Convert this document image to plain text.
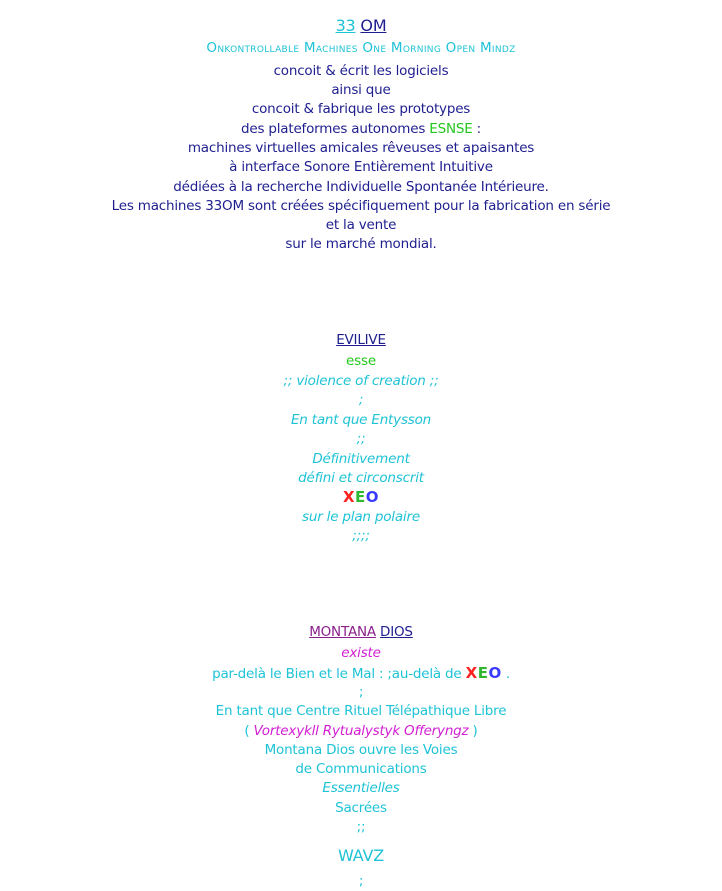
33 OM
Onkontrollable Machines One Morning Open Mindz
concoit & écrit les logiciels
ainsi que
concoit & fabrique les prototypes
des plateformes autonomes ESNSE :
machines virtuelles amicales rêveuses et apaisantes
à interface Sonore Entièrement Intuitive
dédiées à la recherche Individuelle Spontanée Intérieure.
Les machines 33OM sont créées spécifiquement pour la fabrication en série
et la vente
sur le marché mondial.
EVILIVE
esse
;; violence of creation ;;
;
En tant que Entysson
;;
Définitivement
défini et circonscrit
XEO
sur le plan polaire
;;;;
MONTANA DIOS
existe
par-delà le Bien et le Mal : ;au-delà de XEO .
;
En tant que Centre Rituel Télépathique Libre
( Vortexykll Rytualystyk Offeryngz )
Montana Dios ouvre les Voies
de Communications
Essentielles
Sacrées
;;
WAVZ
;
